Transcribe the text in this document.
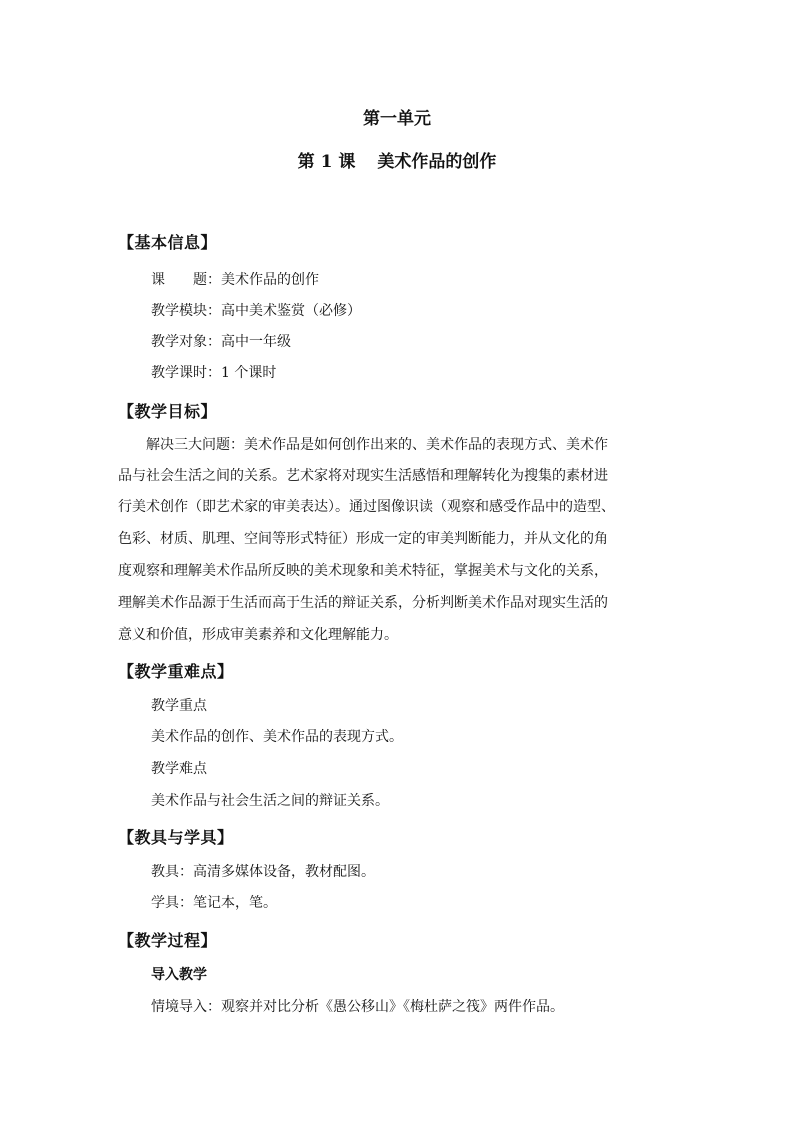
第一单元
第 1 课 美术作品的创作
【基本信息】
课　　题：美术作品的创作
教学模块：高中美术鉴赏（必修）
教学对象：高中一年级
教学课时：1 个课时
【教学目标】
　　解决三大问题：美术作品是如何创作出来的、美术作品的表现方式、美术作
品与社会生活之间的关系。艺术家将对现实生活感悟和理解转化为搜集的素材进
行美术创作（即艺术家的审美表达）。通过图像识读（观察和感受作品中的造型、
色彩、材质、肌理、空间等形式特征）形成一定的审美判断能力，并从文化的角
度观察和理解美术作品所反映的美术现象和美术特征，掌握美术与文化的关系，
理解美术作品源于生活而高于生活的辩证关系，分析判断美术作品对现实生活的
意义和价值，形成审美素养和文化理解能力。
【教学重难点】
教学重点
美术作品的创作、美术作品的表现方式。
教学难点
美术作品与社会生活之间的辩证关系。
【教具与学具】
教具：高清多媒体设备，教材配图。
学具：笔记本，笔。
【教学过程】
导入教学
情境导入：观察并对比分析《愚公移山》《梅杜萨之筏》两件作品。
